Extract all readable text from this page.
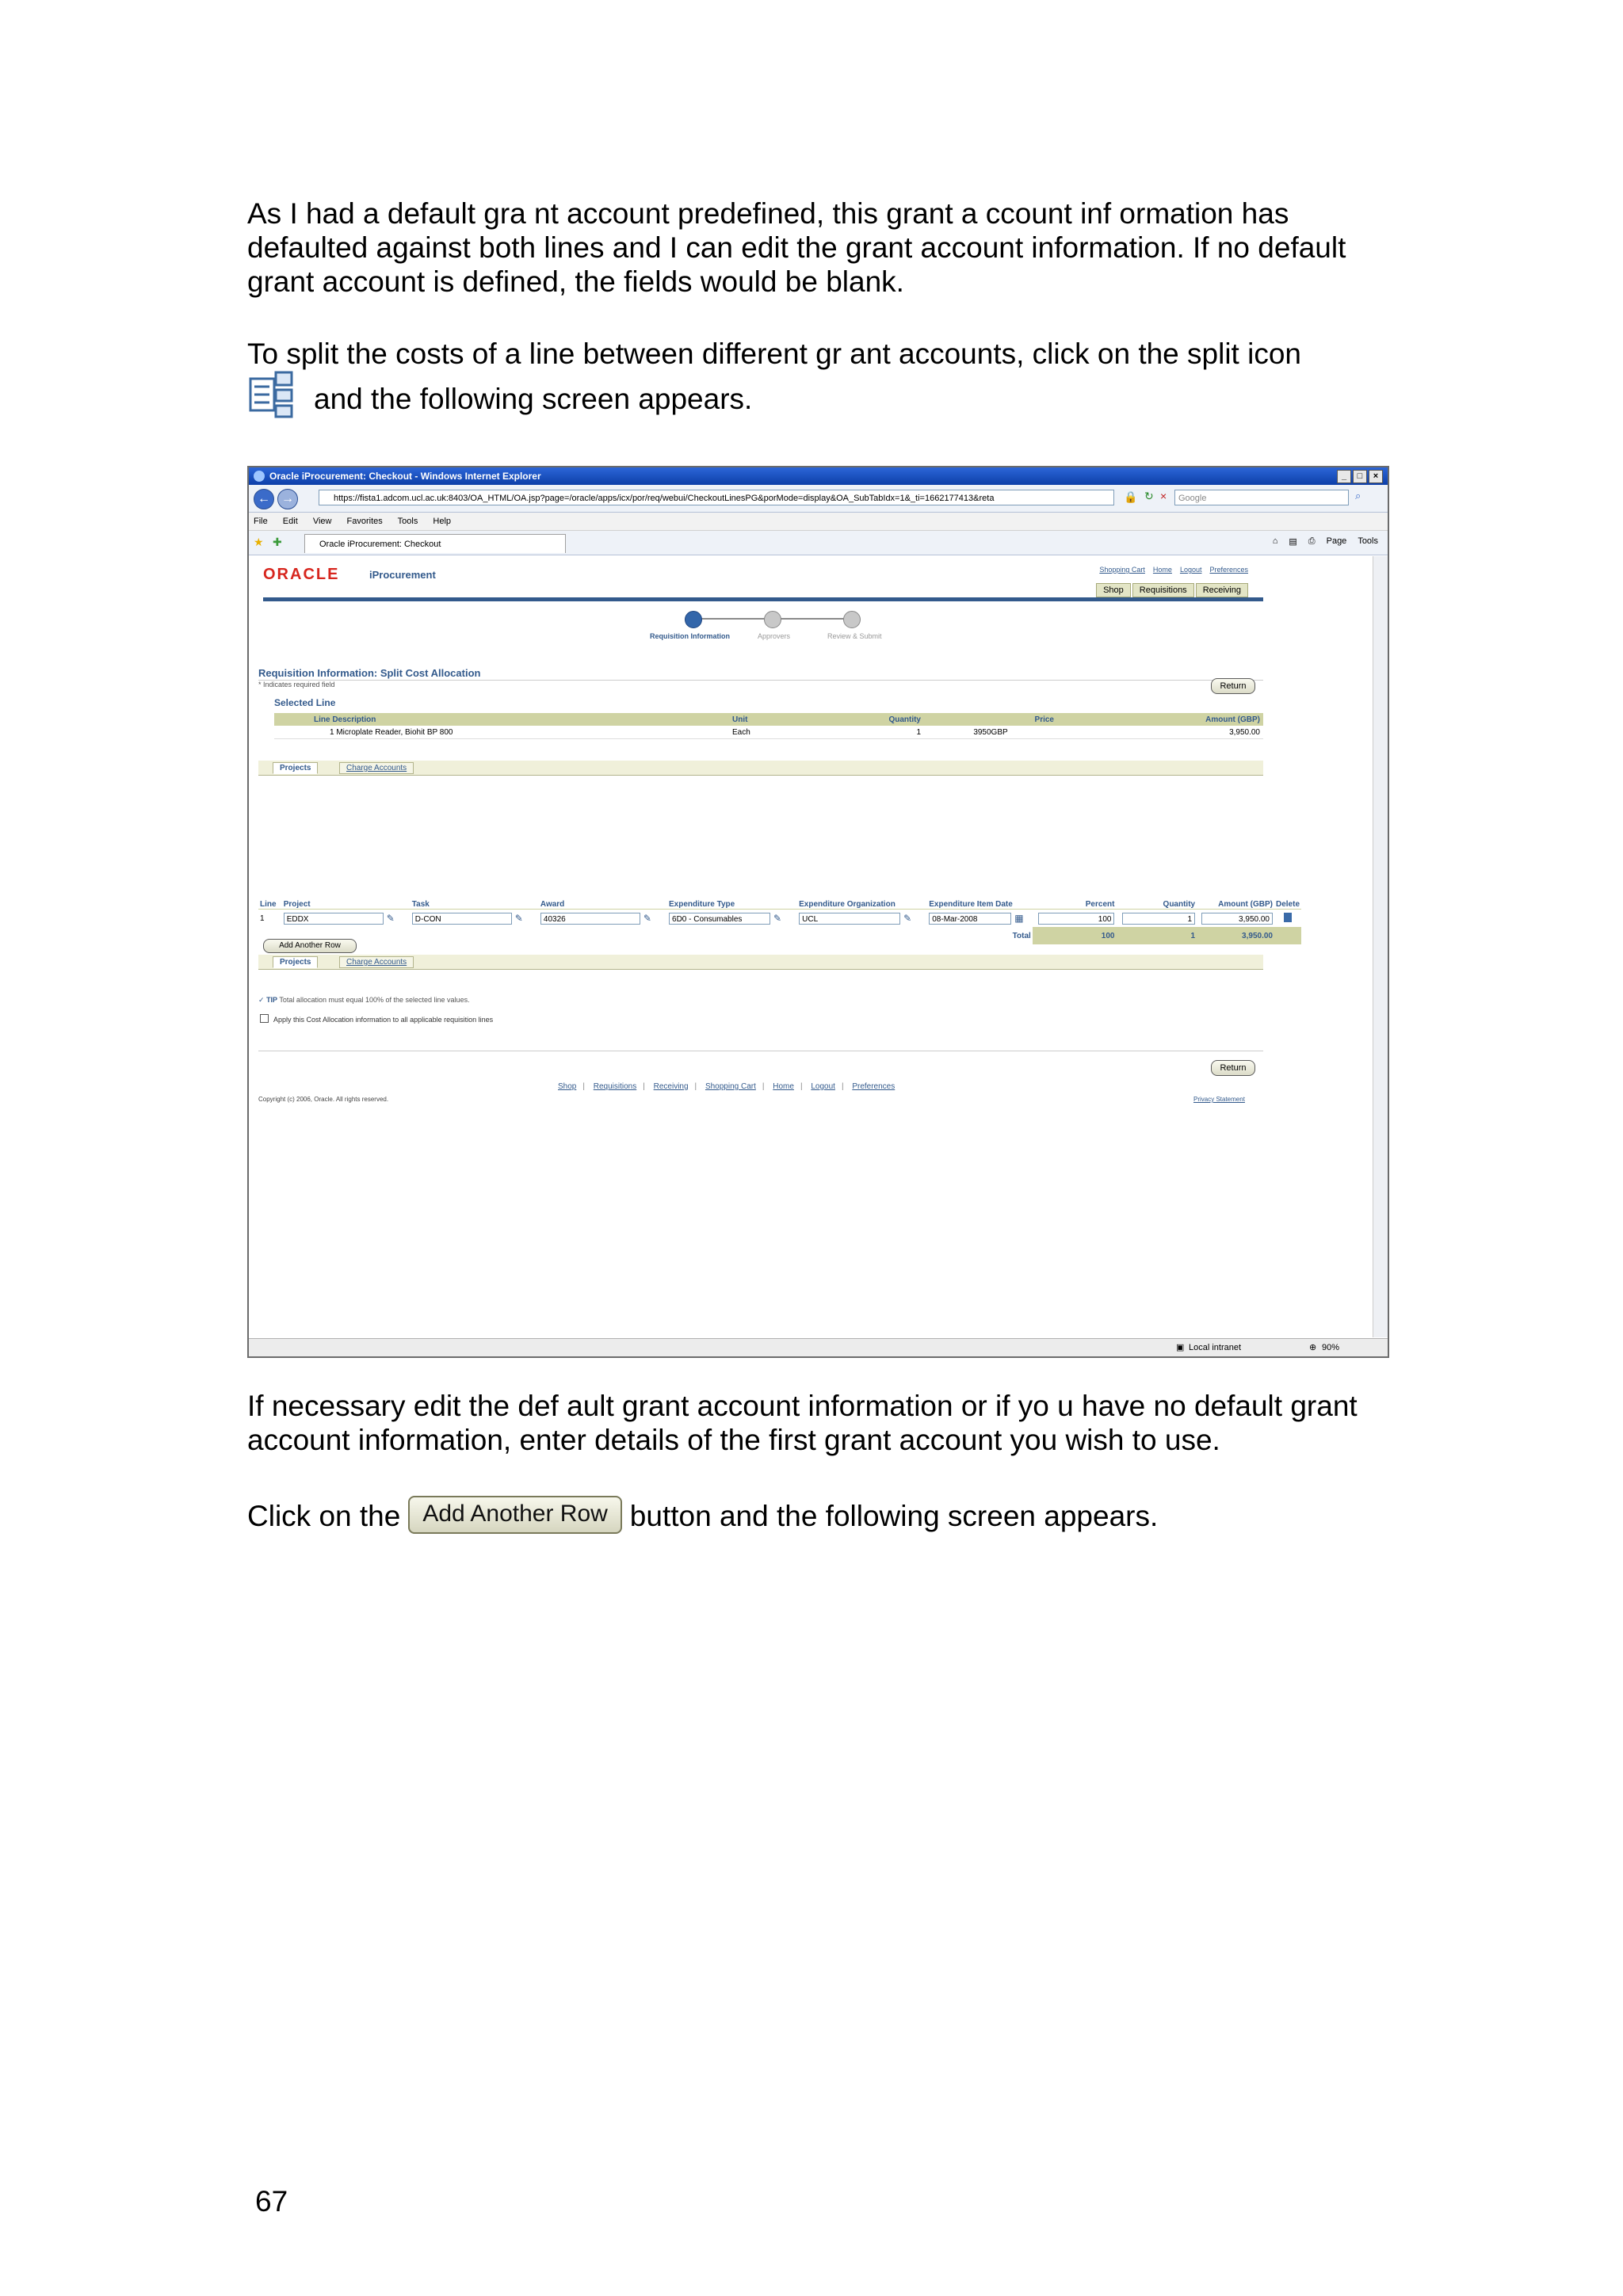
As I had a default gra nt account predefined, this grant a ccount inf ormation has defaulted against both lines and I can edit the grant account information. If no default grant account is defined, the fields would be blank.
To split the costs of a line between different gr ant accounts, click on the split icon
and the following screen appears.
Oracle iProcurement: Checkout - Windows Internet Explorer	_	□	×
← →	https://fista1.adcom.ucl.ac.uk:8403/OA_HTML/OA.jsp?page=/oracle/apps/icx/por/req/webui/CheckoutLinesPG&porMode=display&OA_SubTabIdx=1&_ti=1662177413&reta	🔒 ↻ ×	Google	⌕
File Edit View Favorites Tools Help
★ ✚	Oracle iProcurement: Checkout	⌂ ▤ ⎙ Page Tools
ORACLE	iProcurement	Shopping Cart Home Logout Preferences
Shop	Requisitions	Receiving
Requisition Information	Approvers	Review & Submit
Requisition Information: Split Cost Allocation
* Indicates required field	Return
Selected Line
Line Description	Unit	Quantity	Price	Amount (GBP)
1 Microplate Reader, Biohit BP 800	Each	1	3950GBP	3,950.00
Projects	Charge Accounts
Line	Project	Task	Award	Expenditure Type	Expenditure Organization	Expenditure Item Date	Percent	Quantity	Amount (GBP)	Delete
1	EDDX ✎	D-CON ✎	40326 ✎	6D0 - Consumables ✎	UCL ✎	08-Mar-2008 ▦	100	1	3,950.00	
Total							100	1	3,950.00	
Add Another Row
Projects	Charge Accounts
✓ TIP Total allocation must equal 100% of the selected line values.
Apply this Cost Allocation information to all applicable requisition lines
Return
Shop | Requisitions | Receiving | Shopping Cart | Home | Logout | Preferences
Copyright (c) 2006, Oracle. All rights reserved.	Privacy Statement
▣ Local intranet	⊕ 90%
If necessary edit the def ault grant account information or if yo u have no default grant account information, enter details of the first grant account you wish to use.
Click on the Add Another Row button and the following screen appears.
67
